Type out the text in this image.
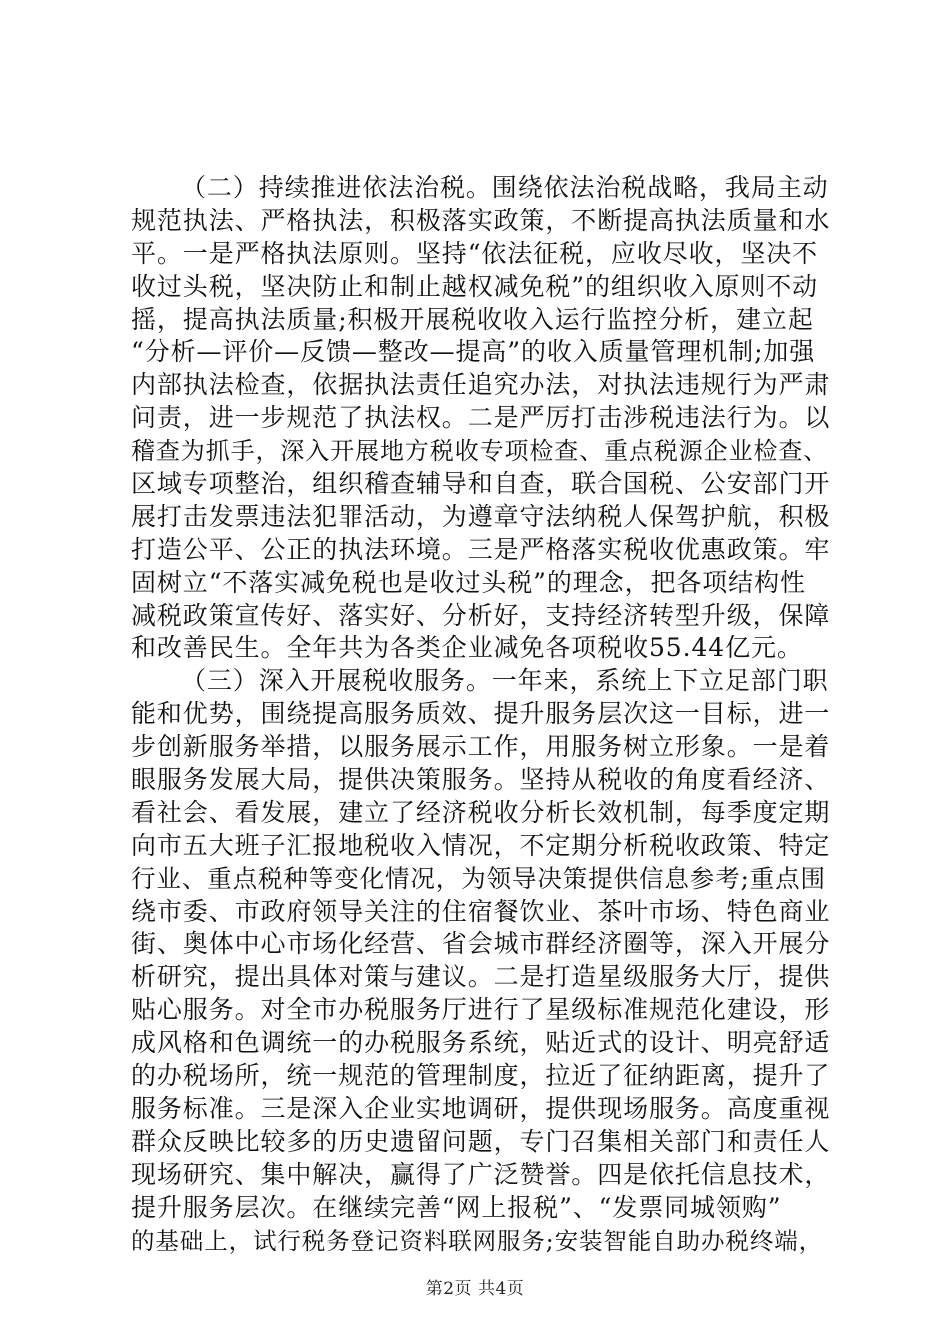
（二）持续推进依法治税。围绕依法治税战略，我局主动
规范执法、严格执法，积极落实政策，不断提高执法质量和水
平。一是严格执法原则。坚持“依法征税，应收尽收，坚决不
收过头税，坚决防止和制止越权减免税”的组织收入原则不动
摇，提高执法质量;积极开展税收收入运行监控分析，建立起
“分析—评价—反馈—整改—提高”的收入质量管理机制;加强
内部执法检查，依据执法责任追究办法，对执法违规行为严肃
问责，进一步规范了执法权。二是严厉打击涉税违法行为。以
稽查为抓手，深入开展地方税收专项检查、重点税源企业检查、
区域专项整治，组织稽查辅导和自查，联合国税、公安部门开
展打击发票违法犯罪活动，为遵章守法纳税人保驾护航，积极
打造公平、公正的执法环境。三是严格落实税收优惠政策。牢
固树立“不落实减免税也是收过头税”的理念，把各项结构性
减税政策宣传好、落实好、分析好，支持经济转型升级，保障
和改善民生。全年共为各类企业减免各项税收55.44亿元。
（三）深入开展税收服务。一年来，系统上下立足部门职
能和优势，围绕提高服务质效、提升服务层次这一目标，进一
步创新服务举措，以服务展示工作，用服务树立形象。一是着
眼服务发展大局，提供决策服务。坚持从税收的角度看经济、
看社会、看发展，建立了经济税收分析长效机制，每季度定期
向市五大班子汇报地税收入情况，不定期分析税收政策、特定
行业、重点税种等变化情况，为领导决策提供信息参考;重点围
绕市委、市政府领导关注的住宿餐饮业、茶叶市场、特色商业
街、奥体中心市场化经营、省会城市群经济圈等，深入开展分
析研究，提出具体对策与建议。二是打造星级服务大厅，提供
贴心服务。对全市办税服务厅进行了星级标准规范化建设，形
成风格和色调统一的办税服务系统，贴近式的设计、明亮舒适
的办税场所，统一规范的管理制度，拉近了征纳距离，提升了
服务标准。三是深入企业实地调研，提供现场服务。高度重视
群众反映比较多的历史遗留问题，专门召集相关部门和责任人
现场研究、集中解决，赢得了广泛赞誉。四是依托信息技术，
提升服务层次。在继续完善“网上报税”、“发票同城领购”
的基础上，试行税务登记资料联网服务;安装智能自助办税终端，
第2页 共4页
